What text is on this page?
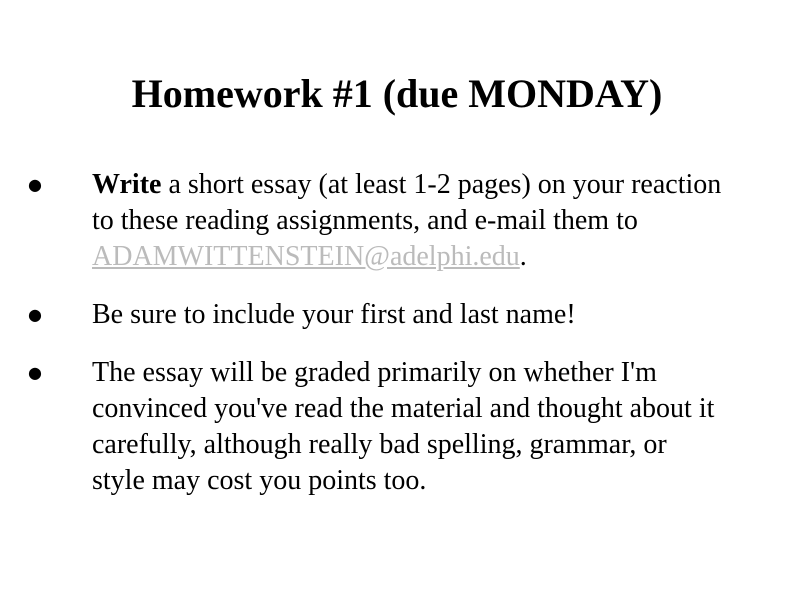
Homework #1 (due MONDAY)
● Write a short essay (at least 1-2 pages) on your reaction to these reading assignments, and e-mail them to ADAMWITTENSTEIN@adelphi.edu.
● Be sure to include your first and last name!
● The essay will be graded primarily on whether I'm convinced you've read the material and thought about it carefully, although really bad spelling, grammar, or style may cost you points too.
